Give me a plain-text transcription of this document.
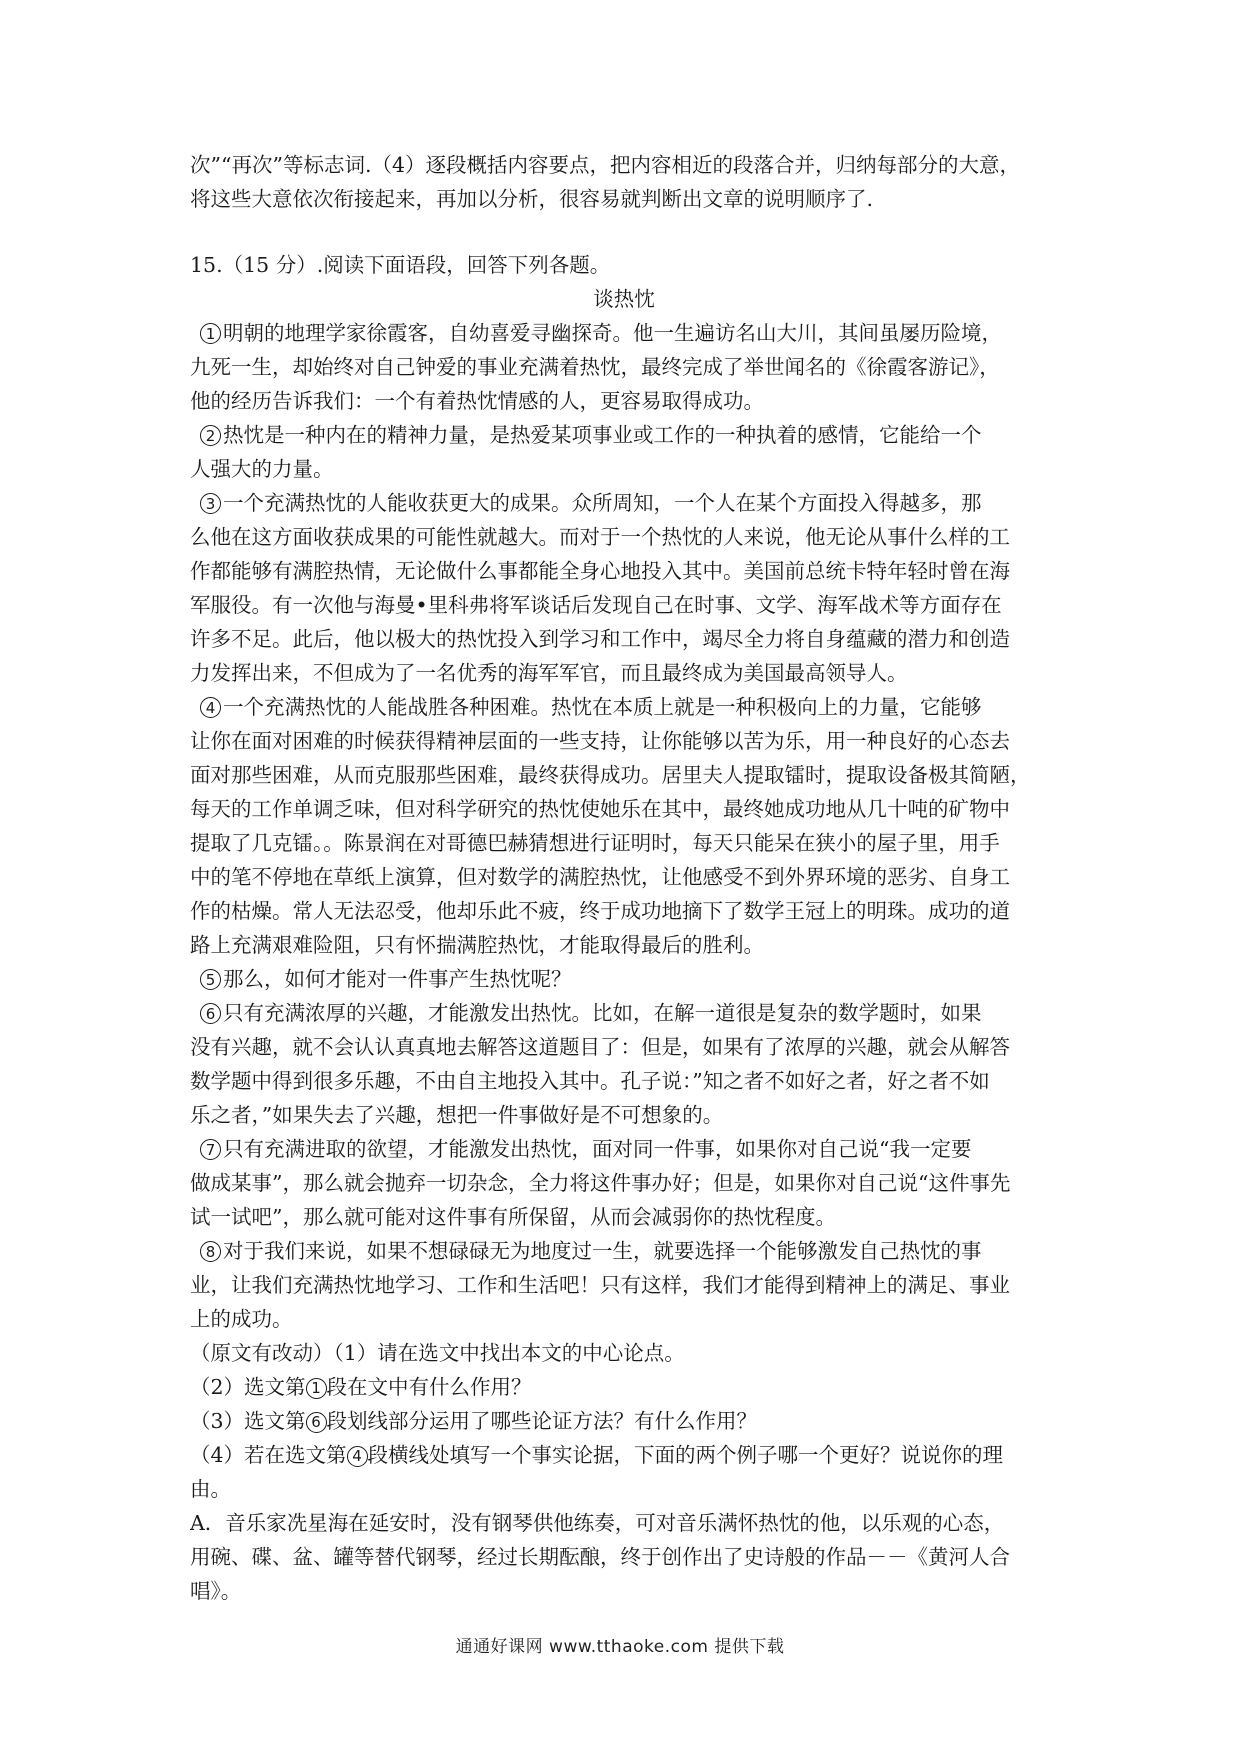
次”“再次”等标志词.（4）逐段概括内容要点，把内容相近的段落合并，归纳每部分的大意，
将这些大意依次衔接起来，再加以分析，很容易就判断出文章的说明顺序了.
15.（15 分）.阅读下面语段，回答下列各题。
谈热忱
1 明朝的地理学家徐霞客，自幼喜爱寻幽探奇。他一生遍访名山大川，其间虽屡历险境，
九死一生，却始终对自己钟爱的事业充满着热忱，最终完成了举世闻名的《徐霞客游记》，
他的经历告诉我们：一个有着热忱情感的人，更容易取得成功。
2 热忱是一种内在的精神力量，是热爱某项事业或工作的一种执着的感情，它能给一个
人强大的力量。
3 一个充满热忱的人能收获更大的成果。众所周知，一个人在某个方面投入得越多，那
么他在这方面收获成果的可能性就越大。而对于一个热忱的人来说，他无论从事什么样的工
作都能够有满腔热情，无论做什么事都能全身心地投入其中。美国前总统卡特年轻时曾在海
军服役。有一次他与海曼•里科弗将军谈话后发现自己在时事、文学、海军战术等方面存在
许多不足。此后，他以极大的热忱投入到学习和工作中，竭尽全力将自身蕴藏的潜力和创造
力发挥出来，不但成为了一名优秀的海军军官，而且最终成为美国最高领导人。
4 一个充满热忱的人能战胜各种困难。热忱在本质上就是一种积极向上的力量，它能够
让你在面对困难的时候获得精神层面的一些支持，让你能够以苦为乐，用一种良好的心态去
面对那些困难，从而克服那些困难，最终获得成功。居里夫人提取镭时，提取设备极其简陋，
每天的工作单调乏味，但对科学研究的热忱使她乐在其中，最终她成功地从几十吨的矿物中
提取了几克镭。。陈景润在对哥德巴赫猜想进行证明时，每天只能呆在狭小的屋子里，用手
中的笔不停地在草纸上演算，但对数学的满腔热忱，让他感受不到外界环境的恶劣、自身工
作的枯燥。常人无法忍受，他却乐此不疲，终于成功地摘下了数学王冠上的明珠。成功的道
路上充满艰难险阻，只有怀揣满腔热忱，才能取得最后的胜利。
5 那么，如何才能对一件事产生热忱呢？
6 只有充满浓厚的兴趣，才能激发出热忱。比如，在解一道很是复杂的数学题时，如果
没有兴趣，就不会认认真真地去解答这道题目了：但是，如果有了浓厚的兴趣，就会从解答
数学题中得到很多乐趣，不由自主地投入其中。孔子说：”知之者不如好之者，好之者不如
乐之者，”如果失去了兴趣，想把一件事做好是不可想象的。
7 只有充满进取的欲望，才能激发出热忱，面对同一件事，如果你对自己说“我一定要
做成某事”，那么就会抛弃一切杂念，全力将这件事办好；但是，如果你对自己说“这件事先
试一试吧”，那么就可能对这件事有所保留，从而会减弱你的热忱程度。
8 对于我们来说，如果不想碌碌无为地度过一生，就要选择一个能够激发自己热忱的事
业，让我们充满热忱地学习、工作和生活吧！只有这样，我们才能得到精神上的满足、事业
上的成功。
（原文有改动）（1）请在选文中找出本文的中心论点。
（2）选文第 1 段在文中有什么作用？
（3）选文第 6 段划线部分运用了哪些论证方法？有什么作用？
（4）若在选文第 4 段横线处填写一个事实论据，下面的两个例子哪一个更好？说说你的理
由。
A．音乐家冼星海在延安时，没有钢琴供他练奏，可对音乐满怀热忱的他，以乐观的心态，
用碗、碟、盆、罐等替代钢琴，经过长期酝酿，终于创作出了史诗般的作品－－《黄河人合
唱》。
通通好课网 www.tthaoke.com 提供下载
